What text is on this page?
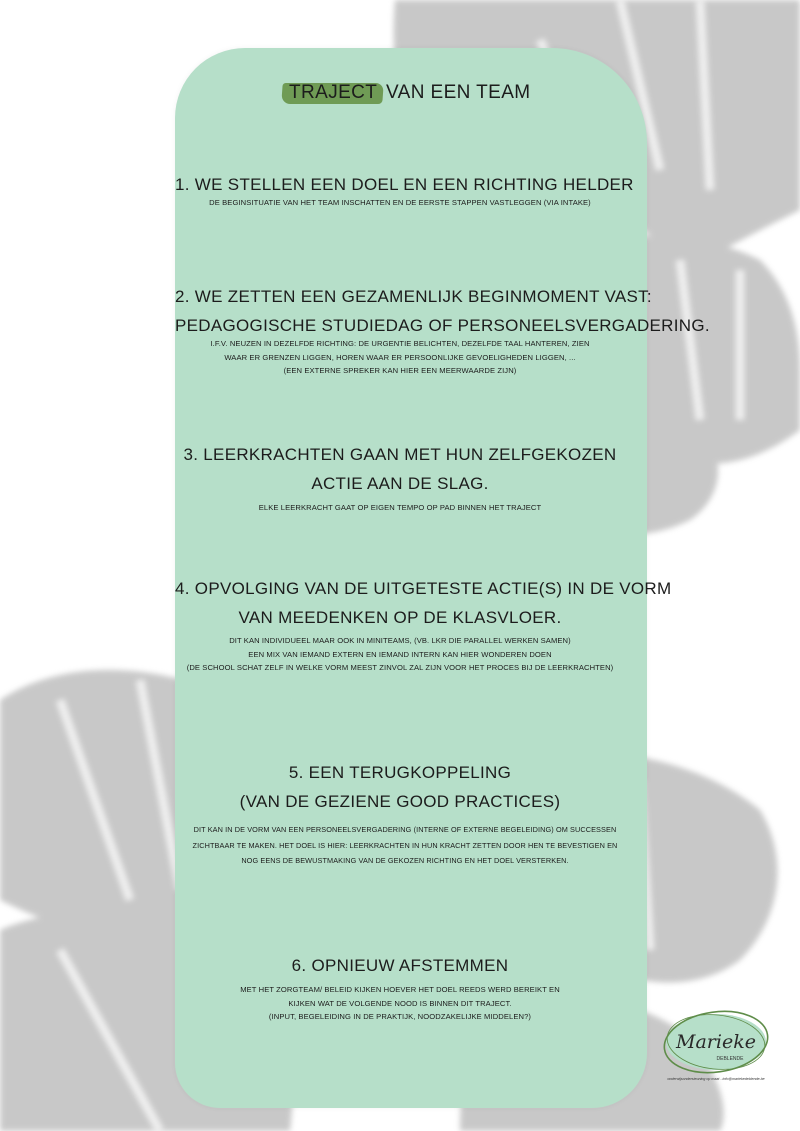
TRAJECT VAN EEN TEAM
1. WE STELLEN EEN DOEL EN EEN RICHTING HELDER
DE BEGINSITUATIE VAN HET TEAM INSCHATTEN EN DE EERSTE STAPPEN VASTLEGGEN (VIA INTAKE)
2. WE ZETTEN EEN GEZAMENLIJK BEGINMOMENT VAST:
PEDAGOGISCHE STUDIEDAG OF PERSONEELSVERGADERING.
I.F.V. NEUZEN IN DEZELFDE RICHTING: DE URGENTIE BELICHTEN, DEZELFDE TAAL HANTEREN, ZIEN
WAAR ER GRENZEN LIGGEN, HOREN WAAR ER PERSOONLIJKE GEVOELIGHEDEN LIGGEN, ...
(EEN EXTERNE SPREKER KAN HIER EEN MEERWAARDE ZIJN)
3. LEERKRACHTEN GAAN MET HUN ZELFGEKOZEN
ACTIE AAN DE SLAG.
ELKE LEERKRACHT GAAT OP EIGEN TEMPO OP PAD BINNEN HET TRAJECT
4. OPVOLGING VAN DE UITGETESTE ACTIE(S) IN DE VORM
VAN MEEDENKEN OP DE KLASVLOER.
DIT KAN INDIVIDUEEL MAAR OOK IN MINITEAMS, (VB. LKR DIE PARALLEL WERKEN SAMEN)
EEN MIX VAN IEMAND EXTERN EN IEMAND INTERN KAN HIER WONDEREN DOEN
(DE SCHOOL SCHAT ZELF IN WELKE VORM MEEST ZINVOL ZAL ZIJN VOOR HET PROCES BIJ DE LEERKRACHTEN)
5. EEN TERUGKOPPELING
(VAN DE GEZIENE GOOD PRACTICES)
DIT KAN IN DE VORM VAN EEN PERSONEELSVERGADERING (INTERNE OF EXTERNE BEGELEIDING) OM SUCCESSEN
ZICHTBAAR TE MAKEN. HET DOEL IS HIER: LEERKRACHTEN IN HUN KRACHT ZETTEN DOOR HEN TE BEVESTIGEN EN
NOG EENS DE BEWUSTMAKING VAN DE GEKOZEN RICHTING EN HET DOEL VERSTERKEN.
6. OPNIEUW AFSTEMMEN
MET HET ZORGTEAM/ BELEID KIJKEN HOEVER HET DOEL REEDS WERD BEREIKT EN
KIJKEN WAT DE VOLGENDE NOOD IS BINNEN DIT TRAJECT.
(INPUT, BEGELEIDING IN DE PRAKTIJK, NOODZAKELIJKE MIDDELEN?)
Marieke
DEBLENDE
onderwijsondersteuning op maat - info@mariekedeblende.be
